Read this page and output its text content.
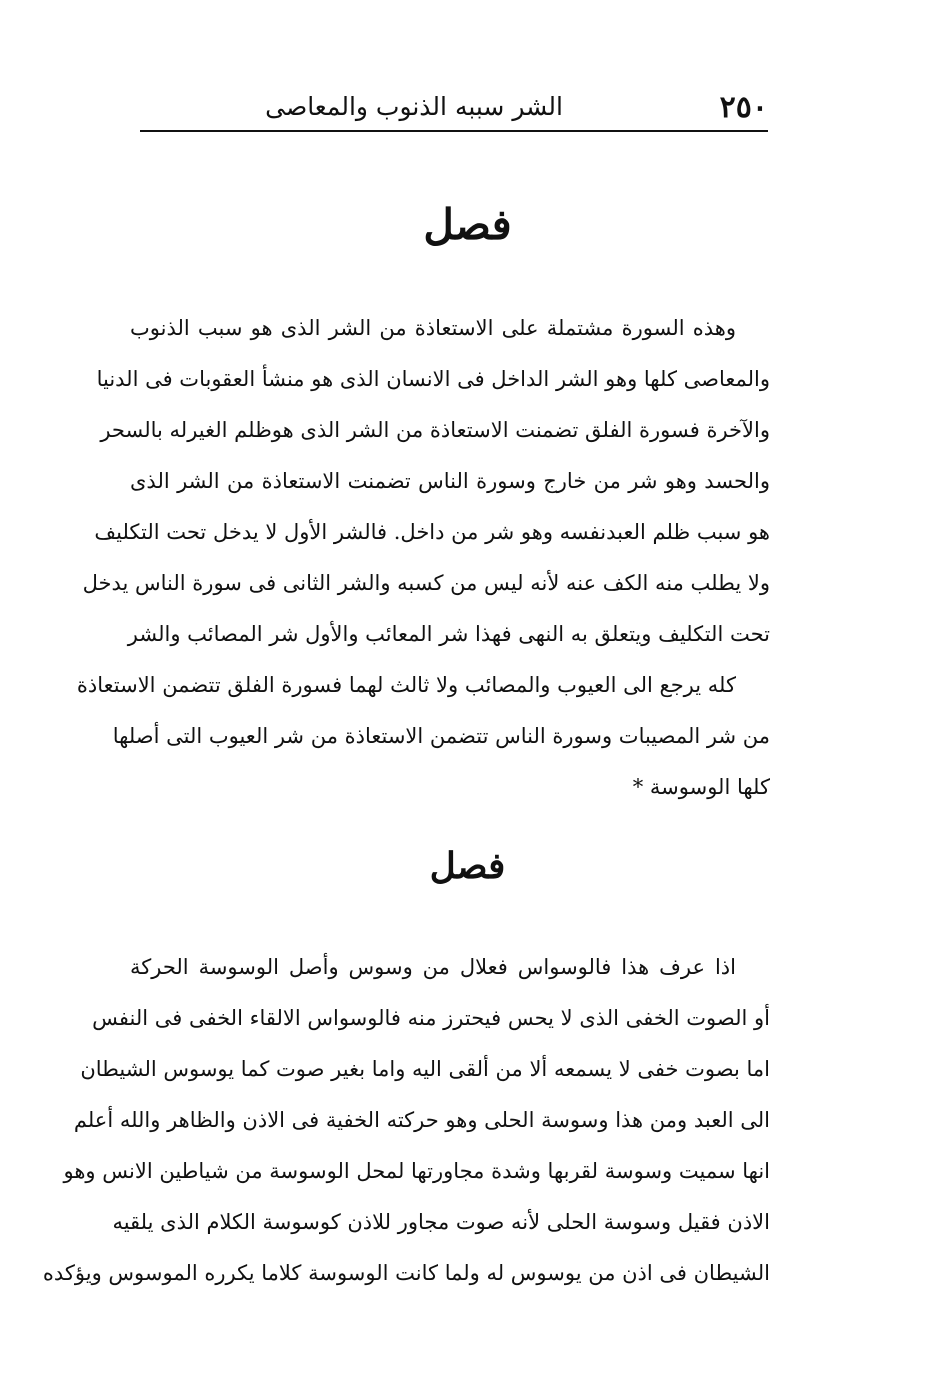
٢٥٠
الشر سببه الذنوب والمعاصى
فصل
وهذه السورة مشتملة على الاستعاذة من الشر الذى هو سبب الذنوب
والمعاصى كلها وهو الشر الداخل فى الانسان الذى هو منشأ العقوبات فى الدنيا
والآخرة فسورة الفلق تضمنت الاستعاذة من الشر الذى هوظلم الغيرله بالسحر
والحسد وهو شر من خارج وسورة الناس تضمنت الاستعاذة من الشر الذى
هو سبب ظلم العبدنفسه وهو شر من داخل. فالشر الأول لا يدخل تحت التكليف
ولا يطلب منه الكف عنه لأنه ليس من كسبه والشر الثانى فى سورة الناس يدخل
تحت التكليف ويتعلق به النهى فهذا شر المعائب والأول شر المصائب والشر
كله يرجع الى العيوب والمصائب ولا ثالث لهما فسورة الفلق تتضمن الاستعاذة
من شر المصيبات وسورة الناس تتضمن الاستعاذة من شر العيوب التى أصلها
كلها الوسوسة *
فصل
اذا عرف هذا فالوسواس فعلال من وسوس وأصل الوسوسة الحركة
أو الصوت الخفى الذى لا يحس فيحترز منه فالوسواس الالقاء الخفى فى النفس
اما بصوت خفى لا يسمعه ألا من ألقى اليه واما بغير صوت كما يوسوس الشيطان
الى العبد ومن هذا وسوسة الحلى وهو حركته الخفية فى الاذن والظاهر والله أعلم
انها سميت وسوسة لقربها وشدة مجاورتها لمحل الوسوسة من شياطين الانس وهو
الاذن فقيل وسوسة الحلى لأنه صوت مجاور للاذن كوسوسة الكلام الذى يلقيه
الشيطان فى اذن من يوسوس له ولما كانت الوسوسة كلاما يكرره الموسوس ويؤكده
